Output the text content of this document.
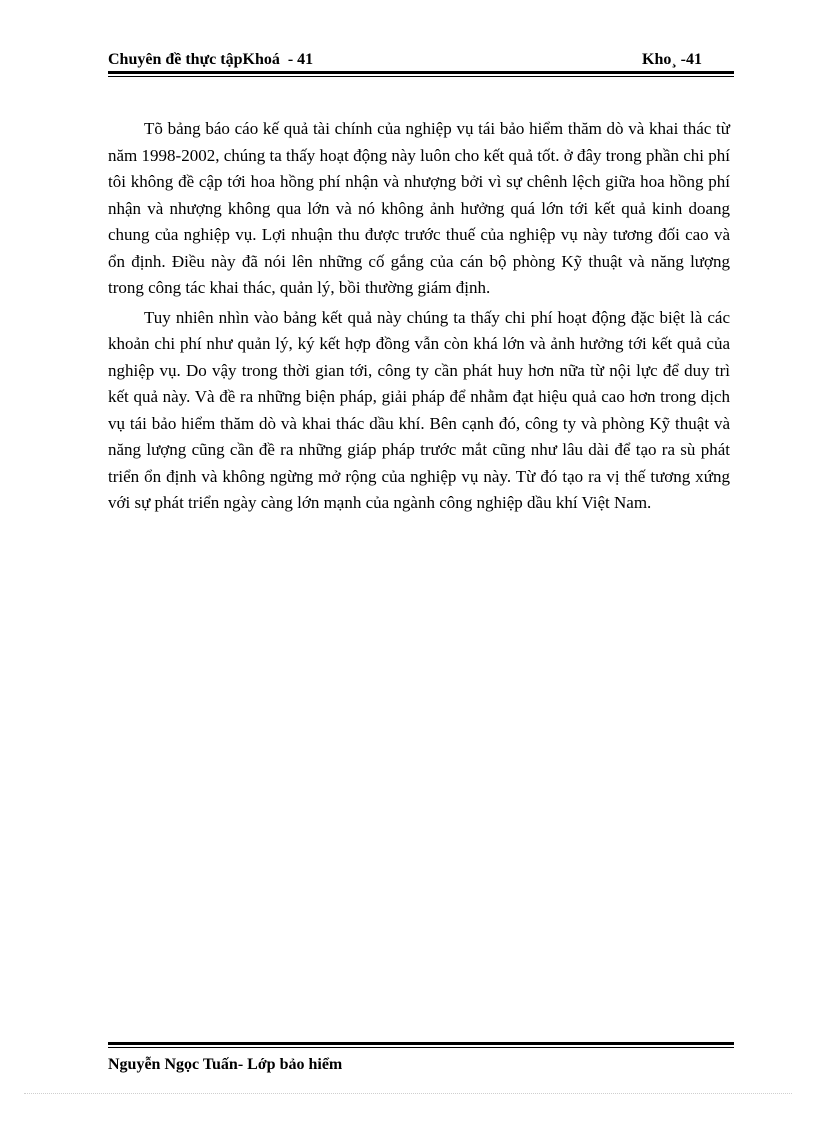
Chuyên đề thực tậpKhoá  - 41	Kho¸ -41

Tõ bảng báo cáo kế quả tài chính của nghiệp vụ tái bảo hiểm thăm dò và khai thác từ năm 1998-2002, chúng ta thấy hoạt động này luôn cho kết quả tốt. ở đây trong phần chi phí tôi không đề cập tới hoa hồng phí nhận và nhượng bởi vì sự chênh lệch giữa hoa hồng phí nhận và nhượng không qua lớn và nó không ảnh hưởng quá lớn tới kết quả kinh doang chung của nghiệp vụ. Lợi nhuận thu được trước thuế của nghiệp vụ này tương đối cao và ổn định. Điều này đã nói lên những cố gắng của cán bộ phòng Kỹ thuật và năng lượng trong công tác khai thác, quản lý, bồi thường giám định.

Tuy nhiên nhìn vào bảng kết quả này chúng ta thấy chi phí hoạt động đặc biệt là các khoản chi phí như quản lý, ký kết hợp đồng vẫn còn khá lớn và ảnh hưởng tới kết quả của nghiệp vụ. Do vậy trong thời gian tới, công ty cần phát huy hơn nữa từ nội lực để duy trì kết quả này. Và đề ra những biện pháp, giải pháp để nhằm đạt hiệu quả cao hơn trong dịch vụ tái bảo hiểm thăm dò và khai thác dầu khí. Bên cạnh đó, công ty và phòng Kỹ thuật và năng lượng cũng cần đề ra những giáp pháp trước mắt cũng như lâu dài để tạo ra sù phát triển ổn định và không ngừng mở rộng của nghiệp vụ này. Từ đó tạo ra vị thế tương xứng với sự phát triển ngày càng lớn mạnh của ngành công nghiệp dầu khí Việt Nam.

Nguyễn Ngọc Tuấn- Lớp bảo hiểm
